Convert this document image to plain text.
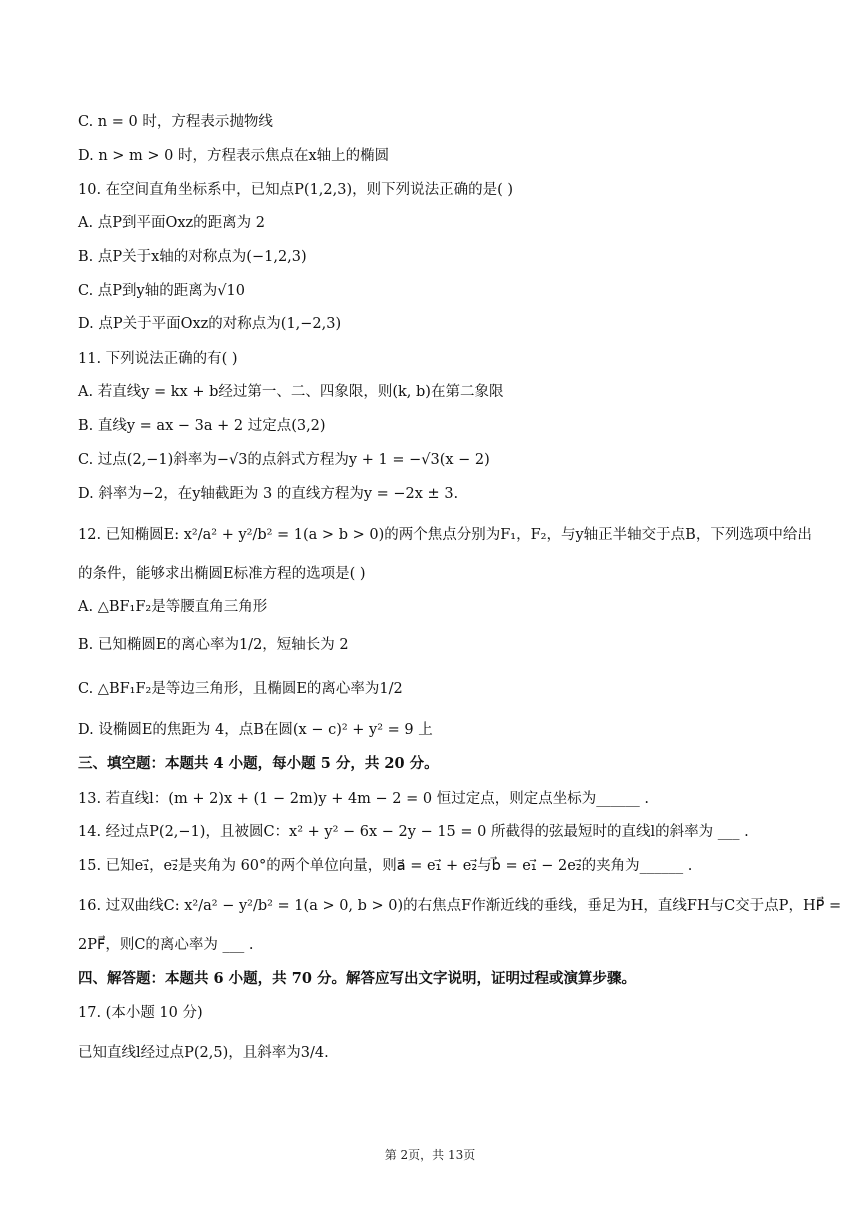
C. n = 0 时，方程表示抛物线
D. n > m > 0 时，方程表示焦点在x轴上的椭圆
10. 在空间直角坐标系中，已知点P(1,2,3)，则下列说法正确的是( )
A. 点P到平面Oxz的距离为 2
B. 点P关于x轴的对称点为(−1,2,3)
C. 点P到y轴的距离为√10
D. 点P关于平面Oxz的对称点为(1,−2,3)
11. 下列说法正确的有( )
A. 若直线y = kx + b经过第一、二、四象限，则(k, b)在第二象限
B. 直线y = ax − 3a + 2 过定点(3,2)
C. 过点(2,−1)斜率为−√3的点斜式方程为y + 1 = −√3(x − 2)
D. 斜率为−2，在y轴截距为 3 的直线方程为y = −2x ± 3.
12. 已知椭圆E: x²/a² + y²/b² = 1(a > b > 0)的两个焦点分别为F₁，F₂，与y轴正半轴交于点B，下列选项中给出
的条件，能够求出椭圆E标准方程的选项是( )
A. △BF₁F₂是等腰直角三角形
B. 已知椭圆E的离心率为1/2，短轴长为 2
C. △BF₁F₂是等边三角形，且椭圆E的离心率为1/2
D. 设椭圆E的焦距为 4，点B在圆(x − c)² + y² = 9 上
三、填空题：本题共 4 小题，每小题 5 分，共 20 分。
13. 若直线l：(m + 2)x + (1 − 2m)y + 4m − 2 = 0 恒过定点，则定点坐标为______ .
14. 经过点P(2,−1)，且被圆C：x² + y² − 6x − 2y − 15 = 0 所截得的弦最短时的直线l的斜率为 ___ .
15. 已知e₁⃗，e₂⃗是夹角为 60°的两个单位向量，则a⃗ = e₁⃗ + e₂⃗与b⃗ = e₁⃗ − 2e₂⃗的夹角为______ .
16. 过双曲线C: x²/a² − y²/b² = 1(a > 0, b > 0)的右焦点F作渐近线的垂线，垂足为H，直线FH与C交于点P，HP⃗ =
2PF⃗，则C的离心率为 ___ .
四、解答题：本题共 6 小题，共 70 分。解答应写出文字说明，证明过程或演算步骤。
17. (本小题 10 分)
已知直线l经过点P(2,5)，且斜率为3/4.
第 2页，共 13页
